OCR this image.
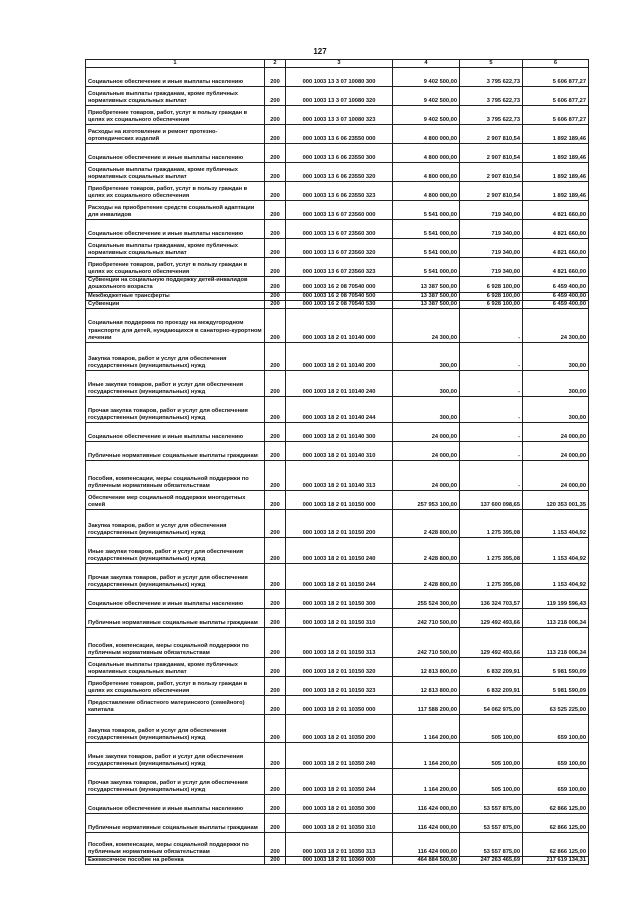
127
1	2	3	4	5	6
Социальное обеспечение и иные выплаты населению	200	000 1003 13 3 07 10080 300	9 402 500,00	3 795 622,73	5 606 877,27
Социальные выплаты гражданам, кроме публичных нормативных социальных выплат	200	000 1003 13 3 07 10080 320	9 402 500,00	3 795 622,73	5 606 877,27
Приобретение товаров, работ, услуг в пользу граждан в целях их социального обеспечения	200	000 1003 13 3 07 10080 323	9 402 500,00	3 795 622,73	5 606 877,27
Расходы на изготовление и ремонт протезно-ортопедических изделий	200	000 1003 13 6 06 23550 000	4 800 000,00	2 907 810,54	1 892 189,46
Социальное обеспечение и иные выплаты населению	200	000 1003 13 6 06 23550 300	4 800 000,00	2 907 810,54	1 892 189,46
Социальные выплаты гражданам, кроме публичных нормативных социальных выплат	200	000 1003 13 6 06 23550 320	4 800 000,00	2 907 810,54	1 892 189,46
Приобретение товаров, работ, услуг в пользу граждан в целях их социального обеспечения	200	000 1003 13 6 06 23550 323	4 800 000,00	2 907 810,54	1 892 189,46
Расходы на приобретение средств социальной адаптации для инвалидов	200	000 1003 13 6 07 23560 000	5 541 000,00	719 340,00	4 821 660,00
Социальное обеспечение и иные выплаты населению	200	000 1003 13 6 07 23560 300	5 541 000,00	719 340,00	4 821 660,00
Социальные выплаты гражданам, кроме публичных нормативных социальных выплат	200	000 1003 13 6 07 23560 320	5 541 000,00	719 340,00	4 821 660,00
Приобретение товаров, работ, услуг в пользу граждан в целях их социального обеспечения	200	000 1003 13 6 07 23560 323	5 541 000,00	719 340,00	4 821 660,00
Субвенции на социальную поддержку детей-инвалидов дошкольного возраста	200	000 1003 16 2 08 70540 000	13 387 500,00	6 928 100,00	6 459 400,00
Межбюджетные трансферты	200	000 1003 16 2 08 70540 500	13 387 500,00	6 928 100,00	6 459 400,00
Субвенции	200	000 1003 16 2 08 70540 530	13 387 500,00	6 928 100,00	6 459 400,00
Социальная поддержка по проезду на междугородном транспорте для детей, нуждающихся в санаторно-курортном лечении	200	000 1003 18 2 01 10140 000	24 300,00	-	24 300,00
Закупка товаров, работ и услуг для обеспечения государственных (муниципальных) нужд	200	000 1003 18 2 01 10140 200	300,00	-	300,00
Иные закупки товаров, работ и услуг для обеспечения государственных (муниципальных) нужд	200	000 1003 18 2 01 10140 240	300,00	-	300,00
Прочая закупка товаров, работ и услуг для обеспечения государственных (муниципальных) нужд	200	000 1003 18 2 01 10140 244	300,00	-	300,00
Социальное обеспечение и иные выплаты населению	200	000 1003 18 2 01 10140 300	24 000,00	-	24 000,00
Публичные нормативные социальные выплаты гражданам	200	000 1003 18 2 01 10140 310	24 000,00	-	24 000,00
Пособия, компенсации, меры социальной поддержки по публичным нормативным обязательствам	200	000 1003 18 2 01 10140 313	24 000,00	-	24 000,00
Обеспечение мер социальной поддержки многодетных семей	200	000 1003 18 2 01 10150 000	257 953 100,00	137 600 098,65	120 353 001,35
Закупка товаров, работ и услуг для обеспечения государственных (муниципальных) нужд	200	000 1003 18 2 01 10150 200	2 428 800,00	1 275 395,08	1 153 404,92
Иные закупки товаров, работ и услуг для обеспечения государственных (муниципальных) нужд	200	000 1003 18 2 01 10150 240	2 428 800,00	1 275 395,08	1 153 404,92
Прочая закупка товаров, работ и услуг для обеспечения государственных (муниципальных) нужд	200	000 1003 18 2 01 10150 244	2 428 800,00	1 275 395,08	1 153 404,92
Социальное обеспечение и иные выплаты населению	200	000 1003 18 2 01 10150 300	255 524 300,00	136 324 703,57	119 199 596,43
Публичные нормативные социальные выплаты гражданам	200	000 1003 18 2 01 10150 310	242 710 500,00	129 492 493,66	113 218 006,34
Пособия, компенсации, меры социальной поддержки по публичным нормативным обязательствам	200	000 1003 18 2 01 10150 313	242 710 500,00	129 492 493,66	113 218 006,34
Социальные выплаты гражданам, кроме публичных нормативных социальных выплат	200	000 1003 18 2 01 10150 320	12 813 800,00	6 832 209,91	5 981 590,09
Приобретение товаров, работ, услуг в пользу граждан в целях их социального обеспечения	200	000 1003 18 2 01 10150 323	12 813 800,00	6 832 209,91	5 981 590,09
Предоставление областного материнского (семейного) капитала	200	000 1003 18 2 01 10350 000	117 588 200,00	54 062 975,00	63 525 225,00
Закупка товаров, работ и услуг для обеспечения государственных (муниципальных) нужд	200	000 1003 18 2 01 10350 200	1 164 200,00	505 100,00	659 100,00
Иные закупки товаров, работ и услуг для обеспечения государственных (муниципальных) нужд	200	000 1003 18 2 01 10350 240	1 164 200,00	505 100,00	659 100,00
Прочая закупка товаров, работ и услуг для обеспечения государственных (муниципальных) нужд	200	000 1003 18 2 01 10350 244	1 164 200,00	505 100,00	659 100,00
Социальное обеспечение и иные выплаты населению	200	000 1003 18 2 01 10350 300	116 424 000,00	53 557 875,00	62 866 125,00
Публичные нормативные социальные выплаты гражданам	200	000 1003 18 2 01 10350 310	116 424 000,00	53 557 875,00	62 866 125,00
Пособия, компенсации, меры социальной поддержки по публичным нормативным обязательствам	200	000 1003 18 2 01 10350 313	116 424 000,00	53 557 875,00	62 866 125,00
Ежемесячное пособие на ребенка	200	000 1003 18 2 01 10360 000	464 884 500,00	247 263 465,69	217 619 134,31
